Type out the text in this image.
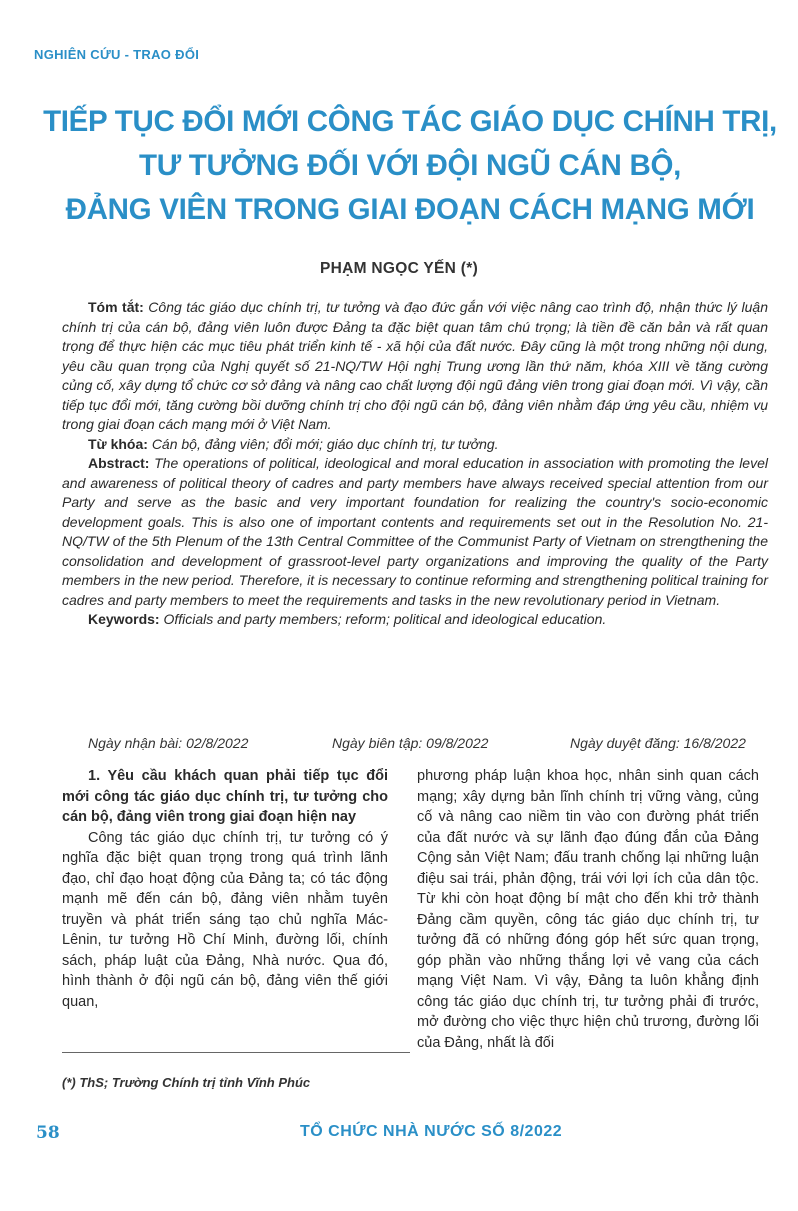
NGHIÊN CỨU - TRAO ĐỔI
TIẾP TỤC ĐỔI MỚI CÔNG TÁC GIÁO DỤC CHÍNH TRỊ,
TƯ TƯỞNG ĐỐI VỚI ĐỘI NGŨ CÁN BỘ,
ĐẢNG VIÊN TRONG GIAI ĐOẠN CÁCH MẠNG MỚI
PHẠM NGỌC YẾN (*)

Tóm tắt: Công tác giáo dục chính trị, tư tưởng và đạo đức gắn với việc nâng cao trình độ, nhận thức lý luận chính trị của cán bộ, đảng viên luôn được Đảng ta đặc biệt quan tâm chú trọng; là tiền đề căn bản và rất quan trọng để thực hiện các mục tiêu phát triển kinh tế - xã hội của đất nước. Đây cũng là một trong những nội dung, yêu cầu quan trọng của Nghị quyết số 21-NQ/TW Hội nghị Trung ương lần thứ năm, khóa XIII về tăng cường củng cố, xây dựng tổ chức cơ sở đảng và nâng cao chất lượng đội ngũ đảng viên trong giai đoạn mới. Vì vậy, cần tiếp tục đổi mới, tăng cường bồi dưỡng chính trị cho đội ngũ cán bộ, đảng viên nhằm đáp ứng yêu cầu, nhiệm vụ trong giai đoạn cách mạng mới ở Việt Nam.

Từ khóa: Cán bộ, đảng viên; đổi mới; giáo dục chính trị, tư tưởng.

Abstract: The operations of political, ideological and moral education in association with promoting the level and awareness of political theory of cadres and party members have always received special attention from our Party and serve as the basic and very important foundation for realizing the country's socio-economic development goals. This is also one of important contents and requirements set out in the Resolution No. 21-NQ/TW of the 5th Plenum of the 13th Central Committee of the Communist Party of Vietnam on strengthening the consolidation and development of grassroot-level party organizations and improving the quality of the Party members in the new period. Therefore, it is necessary to continue reforming and strengthening political training for cadres and party members to meet the requirements and tasks in the new revolutionary period in Vietnam.

Keywords: Officials and party members; reform; political and ideological education.

Ngày nhận bài: 02/8/2022	Ngày biên tập: 09/8/2022	Ngày duyệt đăng: 16/8/2022

1. Yêu cầu khách quan phải tiếp tục đổi mới công tác giáo dục chính trị, tư tưởng cho cán bộ, đảng viên trong giai đoạn hiện nay

Công tác giáo dục chính trị, tư tưởng có ý nghĩa đặc biệt quan trọng trong quá trình lãnh đạo, chỉ đạo hoạt động của Đảng ta; có tác động mạnh mẽ đến cán bộ, đảng viên nhằm tuyên truyền và phát triển sáng tạo chủ nghĩa Mác-Lênin, tư tưởng Hồ Chí Minh, đường lối, chính sách, pháp luật của Đảng, Nhà nước. Qua đó, hình thành ở đội ngũ cán bộ, đảng viên thế giới quan,

phương pháp luận khoa học, nhân sinh quan cách mạng; xây dựng bản lĩnh chính trị vững vàng, củng cố và nâng cao niềm tin vào con đường phát triển của đất nước và sự lãnh đạo đúng đắn của Đảng Cộng sản Việt Nam; đấu tranh chống lại những luận điệu sai trái, phản động, trái với lợi ích của dân tộc. Từ khi còn hoạt động bí mật cho đến khi trở thành Đảng cầm quyền, công tác giáo dục chính trị, tư tưởng đã có những đóng góp hết sức quan trọng, góp phần vào những thắng lợi vẻ vang của cách mạng Việt Nam. Vì vậy, Đảng ta luôn khẳng định công tác giáo dục chính trị, tư tưởng phải đi trước, mở đường cho việc thực hiện chủ trương, đường lối của Đảng, nhất là đối

(*) ThS; Trường Chính trị tỉnh Vĩnh Phúc
58	TỔ CHỨC NHÀ NƯỚC SỐ 8/2022
